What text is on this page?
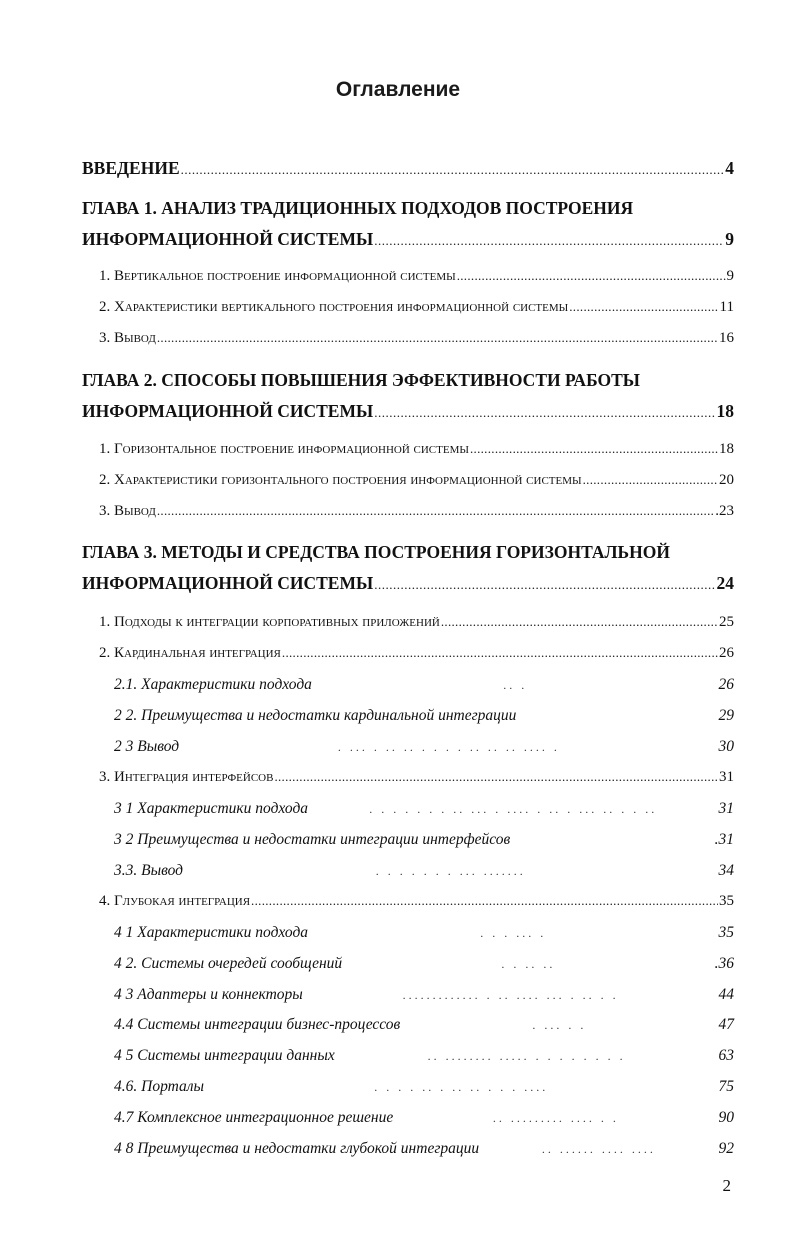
Оглавление
ВВЕДЕНИЕ .....	4
ГЛАВА 1. АНАЛИЗ ТРАДИЦИОННЫХ ПОДХОДОВ ПОСТРОЕНИЯ
ИНФОРМАЦИОННОЙ СИСТЕМЫ .....	9
1. Вертикальное построение информационной системы .....	9
2. Характеристики вертикального построения информационной системы .....	11
3. Вывод .....	16
ГЛАВА 2. СПОСОБЫ ПОВЫШЕНИЯ ЭФФЕКТИВНОСТИ РАБОТЫ
ИНФОРМАЦИОННОЙ СИСТЕМЫ .....	18
1. Горизонтальное построение информационной системы .....	18
2. Характеристики горизонтального построения информационной системы .....	20
3. Вывод .....	.23
ГЛАВА 3. МЕТОДЫ И СРЕДСТВА ПОСТРОЕНИЯ ГОРИЗОНТАЛЬНОЙ
ИНФОРМАЦИОННОЙ СИСТЕМЫ .....	24
1. Подходы к интеграции корпоративных приложений .....	25
2. Кардинальная интеграция .....	26
2.1. Характеристики подхода	.. .	26
2 2. Преимущества и недостатки кардинальной интеграции	29
2 3 Вывод	. ... . .. .. . . . . .. .. .. .... .	30
3. Интеграция интерфейсов .....	31
3 1 Характеристики подхода	. . . . . . . .. ... . .... . .. . ... .. . . ..	31
3 2 Преимущества и недостатки интеграции интерфейсов	.31
3.3. Вывод	. . . . . . . ... .......	34
4. Глубокая интеграция .....	35
4 1 Характеристики подхода	. . . ... .	35
4 2. Системы очередей сообщений	. . .. ..	.36
4 3 Адаптеры и коннекторы	............. . .. .... ... . .. . .	44
4.4 Системы интеграции бизнес-процессов	. ... . .	47
4 5 Системы интеграции данных	.. ........ ..... . . . . . . . .	63
4.6. Порталы	. . . . .. . .. .. . . . ....	75
4.7 Комплексное интеграционное решение	.. ......... .... . .	90
4 8 Преимущества и недостатки глубокой интеграции	.. ...... .... ....	92
2
